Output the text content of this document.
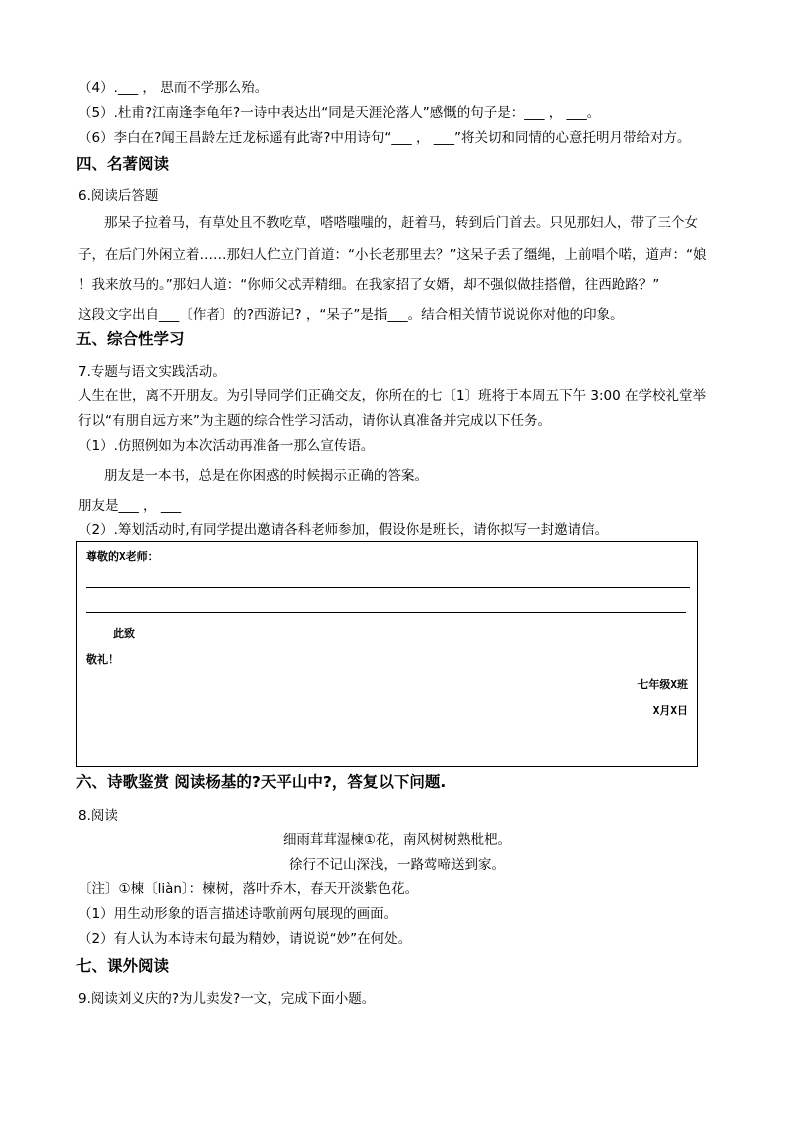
（4）.___ ， 思而不学那么殆。
（5）.杜甫?江南逢李龟年?一诗中表达出“同是天涯沦落人”感慨的句子是：___ ， ___。
（6）李白在?闻王昌龄左迁龙标遥有此寄?中用诗句“___ ， ___”将关切和同情的心意托明月带给对方。
四、名著阅读
6.阅读后答题
那呆子拉着马，有草处且不教吃草，嗒嗒嗤嗤的，赶着马，转到后门首去。只见那妇人，带了三个女
子，在后门外闲立着……那妇人伫立门首道：“小长老那里去？”这呆子丢了缰绳，上前唱个喏，道声：“娘
！我来放马的。”那妇人道：“你师父忒弄精细。在我家招了女婿，却不强似做挂搭僧，往西跄路？”
这段文字出自___〔作者〕的?西游记? ，“呆子”是指___。结合相关情节说说你对他的印象。
五、综合性学习
7.专题与语文实践活动。
人生在世，离不开朋友。为引导同学们正确交友，你所在的七〔1〕班将于本周五下午 3:00 在学校礼堂举
行以“有朋自远方来”为主题的综合性学习活动，请你认真准备并完成以下任务。
（1）.仿照例如为本次活动再准备一那么宣传语。
朋友是一本书，总是在你困惑的时候揭示正确的答案。
朋友是___ ， ___
（2）.筹划活动时,有同学提出邀请各科老师参加，假设你是班长，请你拟写一封邀请信。
尊敬的X老师：
此致
敬礼！
七年级X班
X月X日
六、诗歌鉴赏 阅读杨基的?天平山中?，答复以下问题.
8.阅读
细雨茸茸湿楝①花，南风树树熟枇杷。
徐行不记山深浅，一路莺啼送到家。
〔注〕①楝〔liàn〕：楝树，落叶乔木，春天开淡紫色花。
（1）用生动形象的语言描述诗歌前两句展现的画面。
（2）有人认为本诗末句最为精妙，请说说“妙”在何处。
七、课外阅读
9.阅读刘义庆的?为儿卖发?一文，完成下面小题。
